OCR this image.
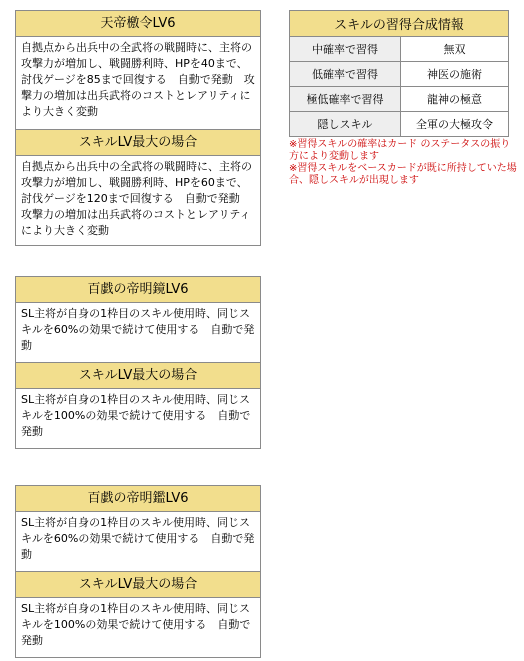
天帝檄令LV6
自拠点から出兵中の全武将の戦闘時に、主将の攻撃力が増加し、戦闘勝利時、HPを40まで、討伐ゲージを85まで回復する　自動で発動　攻撃力の増加は出兵武将のコストとレアリティにより大きく変動
スキルLV最大の場合
自拠点から出兵中の全武将の戦闘時に、主将の攻撃力が増加し、戦闘勝利時、HPを60まで、討伐ゲージを120まで回復する　自動で発動　攻撃力の増加は出兵武将のコストとレアリティにより大きく変動
百戯の帝明鏡LV6
SL主将が自身の1枠目のスキル使用時、同じスキルを60%の効果で続けて使用する　自動で発動
スキルLV最大の場合
SL主将が自身の1枠目のスキル使用時、同じスキルを100%の効果で続けて使用する　自動で発動
百戯の帝明鑑LV6
SL主将が自身の1枠目のスキル使用時、同じスキルを60%の効果で続けて使用する　自動で発動
スキルLV最大の場合
SL主将が自身の1枠目のスキル使用時、同じスキルを100%の効果で続けて使用する　自動で発動
スキルの習得合成情報	
中確率で習得	無双
低確率で習得	神医の施術
極低確率で習得	龍神の極意
隠しスキル	全軍の大極攻令
※習得スキルの確率はカード のステータスの振り方により変動します
※習得スキルをベースカードが既に所持していた場合、隠しスキルが出現します
